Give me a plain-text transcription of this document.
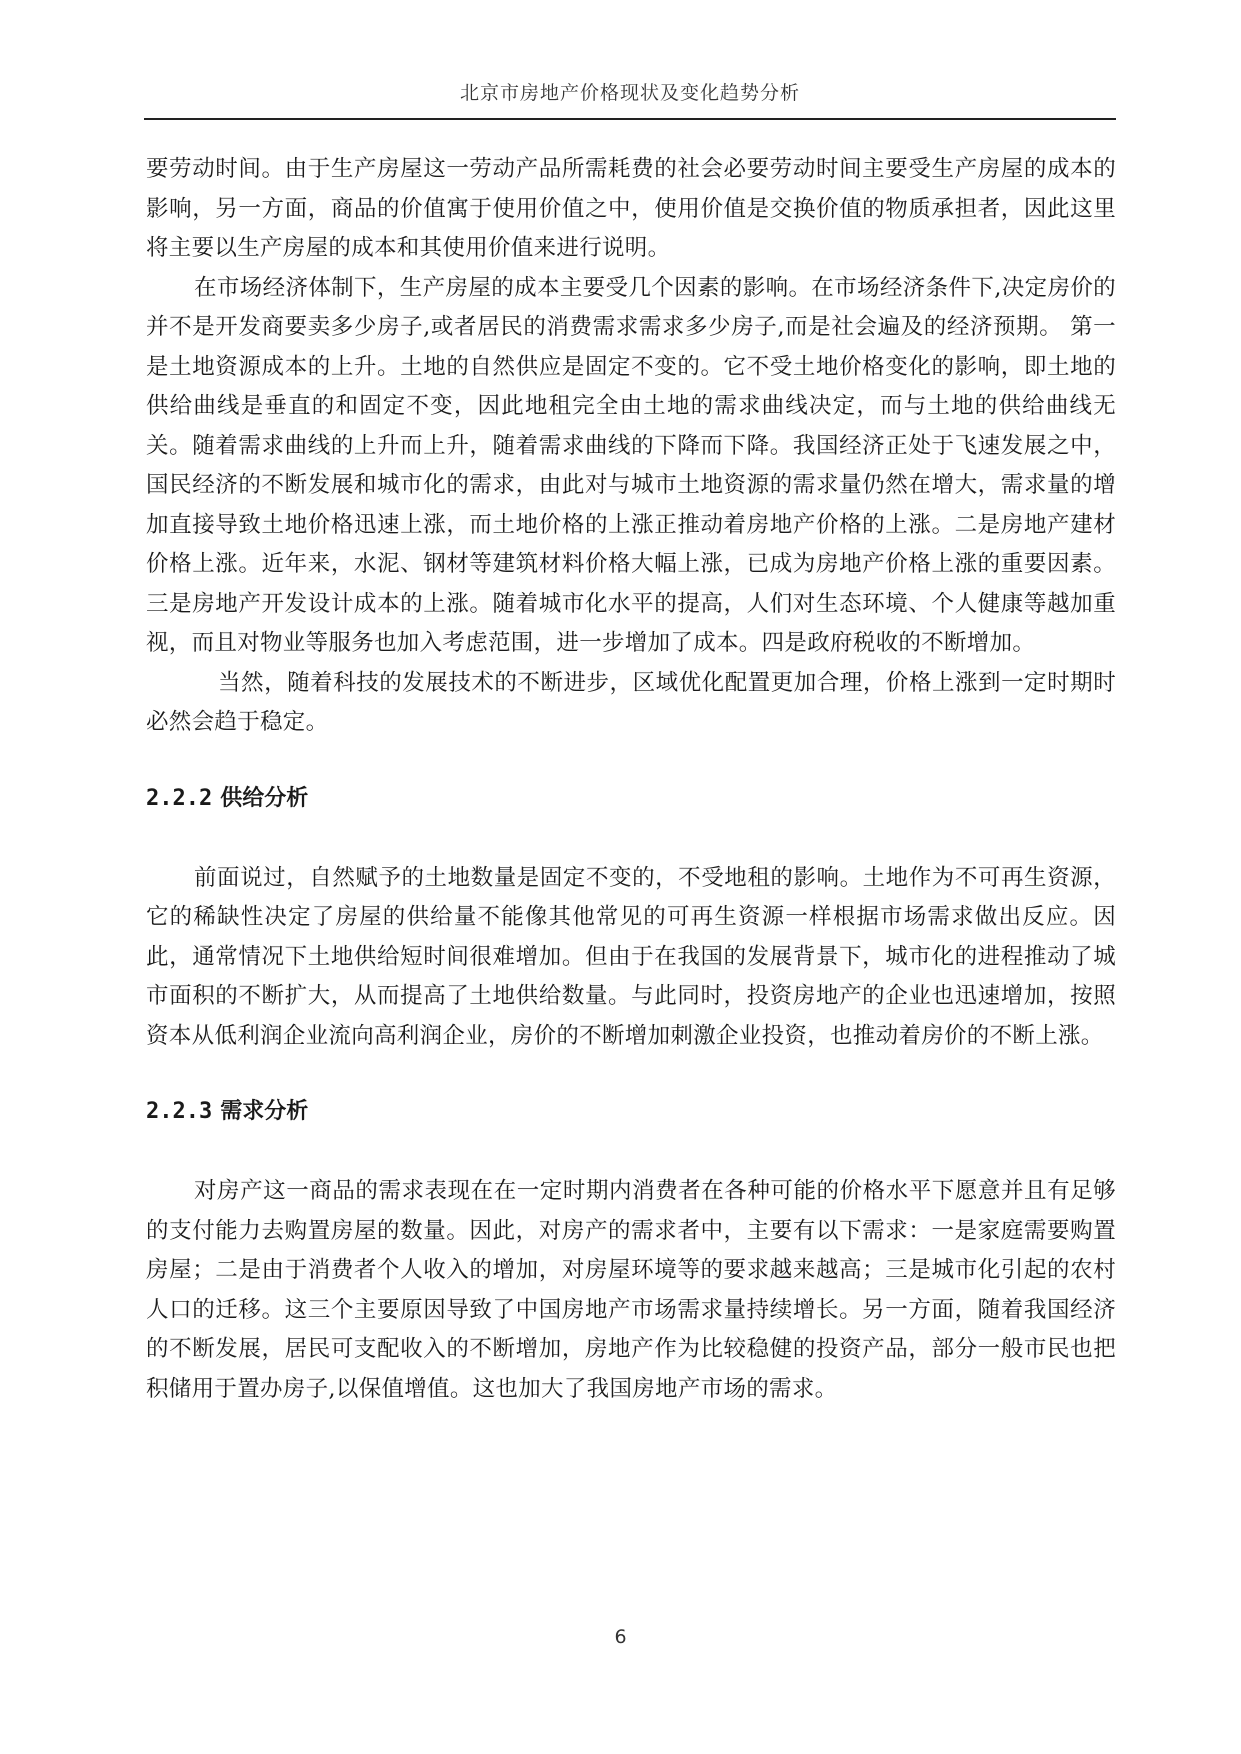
北京市房地产价格现状及变化趋势分析

要劳动时间。由于生产房屋这一劳动产品所需耗费的社会必要劳动时间主要受生产房屋的成本的影响，另一方面，商品的价值寓于使用价值之中，使用价值是交换价值的物质承担者，因此这里将主要以生产房屋的成本和其使用价值来进行说明。

在市场经济体制下，生产房屋的成本主要受几个因素的影响。在市场经济条件下,决定房价的并不是开发商要卖多少房子,或者居民的消费需求需求多少房子,而是社会遍及的经济预期。 第一是土地资源成本的上升。土地的自然供应是固定不变的。它不受土地价格变化的影响，即土地的供给曲线是垂直的和固定不变，因此地租完全由土地的需求曲线决定，而与土地的供给曲线无关。随着需求曲线的上升而上升，随着需求曲线的下降而下降。我国经济正处于飞速发展之中，国民经济的不断发展和城市化的需求，由此对与城市土地资源的需求量仍然在增大，需求量的增加直接导致土地价格迅速上涨，而土地价格的上涨正推动着房地产价格的上涨。二是房地产建材价格上涨。近年来，水泥、钢材等建筑材料价格大幅上涨，已成为房地产价格上涨的重要因素。三是房地产开发设计成本的上涨。随着城市化水平的提高，人们对生态环境、个人健康等越加重视，而且对物业等服务也加入考虑范围，进一步增加了成本。四是政府税收的不断增加。

当然，随着科技的发展技术的不断进步，区域优化配置更加合理，价格上涨到一定时期时必然会趋于稳定。

2.2.2 供给分析

前面说过，自然赋予的土地数量是固定不变的，不受地租的影响。土地作为不可再生资源，它的稀缺性决定了房屋的供给量不能像其他常见的可再生资源一样根据市场需求做出反应。因此，通常情况下土地供给短时间很难增加。但由于在我国的发展背景下，城市化的进程推动了城市面积的不断扩大，从而提高了土地供给数量。与此同时，投资房地产的企业也迅速增加，按照资本从低利润企业流向高利润企业，房价的不断增加刺激企业投资，也推动着房价的不断上涨。

2.2.3 需求分析

对房产这一商品的需求表现在在一定时期内消费者在各种可能的价格水平下愿意并且有足够的支付能力去购置房屋的数量。因此，对房产的需求者中，主要有以下需求：一是家庭需要购置房屋；二是由于消费者个人收入的增加，对房屋环境等的要求越来越高；三是城市化引起的农村人口的迁移。这三个主要原因导致了中国房地产市场需求量持续增长。另一方面，随着我国经济的不断发展，居民可支配收入的不断增加，房地产作为比较稳健的投资产品，部分一般市民也把积储用于置办房子,以保值增值。这也加大了我国房地产市场的需求。

6
